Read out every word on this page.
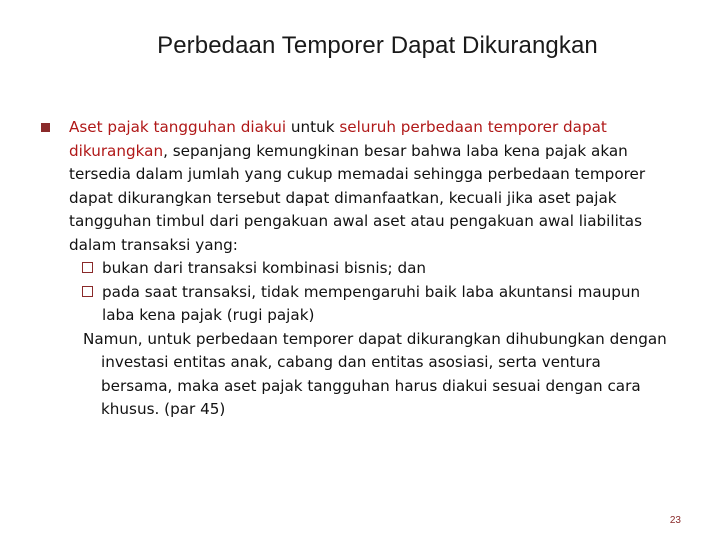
Perbedaan Temporer Dapat Dikurangkan

Aset pajak tangguhan diakui untuk seluruh perbedaan temporer dapat dikurangkan, sepanjang kemungkinan besar bahwa laba kena pajak akan tersedia dalam jumlah yang cukup memadai sehingga perbedaan temporer dapat dikurangkan tersebut dapat dimanfaatkan, kecuali jika aset pajak tangguhan timbul dari pengakuan awal aset atau pengakuan awal liabilitas dalam transaksi yang:

bukan dari transaksi kombinasi bisnis; dan

pada saat transaksi, tidak mempengaruhi baik laba akuntansi maupun laba kena pajak (rugi pajak)

Namun, untuk perbedaan temporer dapat dikurangkan dihubungkan dengan investasi entitas anak, cabang dan entitas asosiasi, serta ventura bersama, maka aset pajak tangguhan harus diakui sesuai dengan cara khusus. (par 45)

23
